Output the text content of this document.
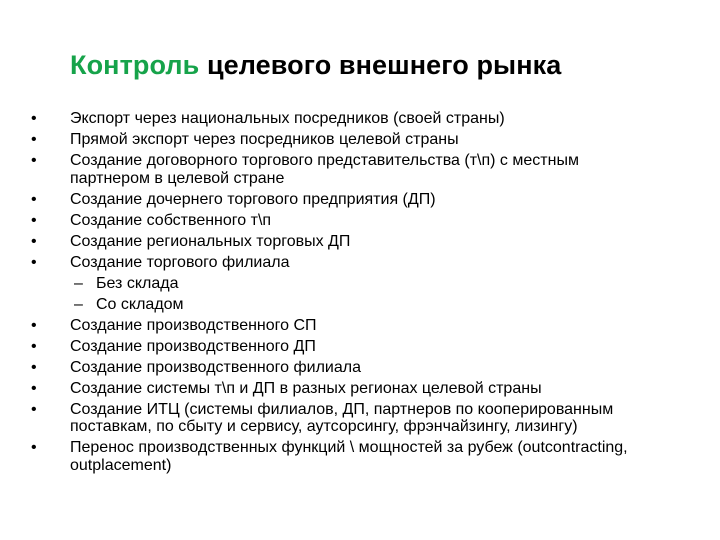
Контроль целевого внешнего рынка
• Экспорт через национальных посредников (своей страны)
• Прямой экспорт через посредников целевой страны
• Создание договорного торгового представительства (т\п) с местным партнером в целевой стране
• Создание дочернего торгового предприятия (ДП)
• Создание собственного т\п
• Создание региональных торговых ДП
• Создание торгового филиала
– Без склада
– Со складом
• Создание производственного СП
• Создание производственного ДП
• Создание производственного филиала
• Создание системы т\п и ДП в разных регионах целевой страны
• Создание ИТЦ (системы филиалов, ДП, партнеров по кооперированным поставкам, по сбыту и сервису, аутсорсингу, фрэнчайзингу, лизингу)
• Перенос производственных функций \ мощностей за рубеж (outcontracting, outplacement)
